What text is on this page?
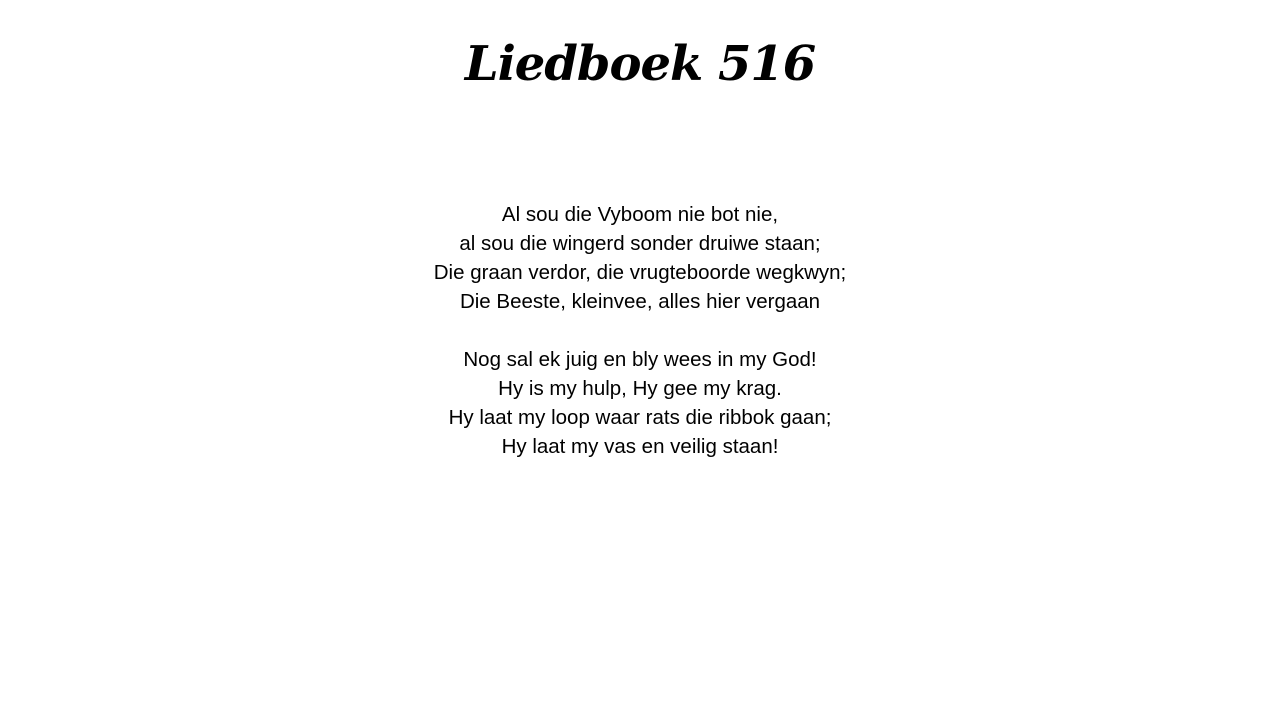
Liedboek 516

Al sou die Vyboom nie bot nie,
al sou die wingerd sonder druiwe staan;
Die graan verdor, die vrugteboorde wegkwyn;
Die Beeste, kleinvee, alles hier vergaan

Nog sal ek juig en bly wees in my God!
Hy is my hulp, Hy gee my krag.
Hy laat my loop waar rats die ribbok gaan;
Hy laat my vas en veilig staan!
